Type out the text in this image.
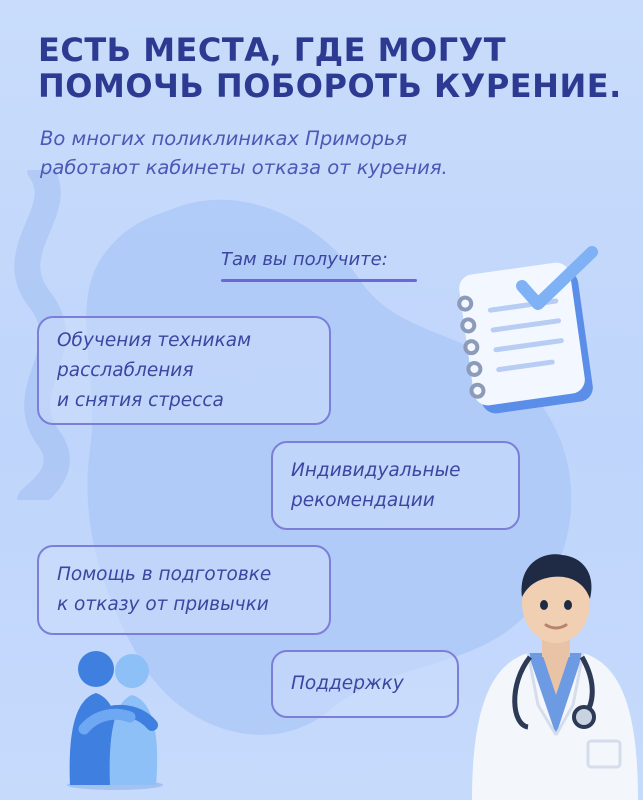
ЕСТЬ МЕСТА, ГДЕ МОГУТ
ПОМОЧЬ ПОБОРОТЬ КУРЕНИЕ.

Во многих поликлиниках Приморья
работают кабинеты отказа от курения.

Там вы получите:
Обучения техникам
расслабления
и снятия стресса
Индивидуальные
рекомендации
Помощь в подготовке
к отказу от привычки
Поддержку
